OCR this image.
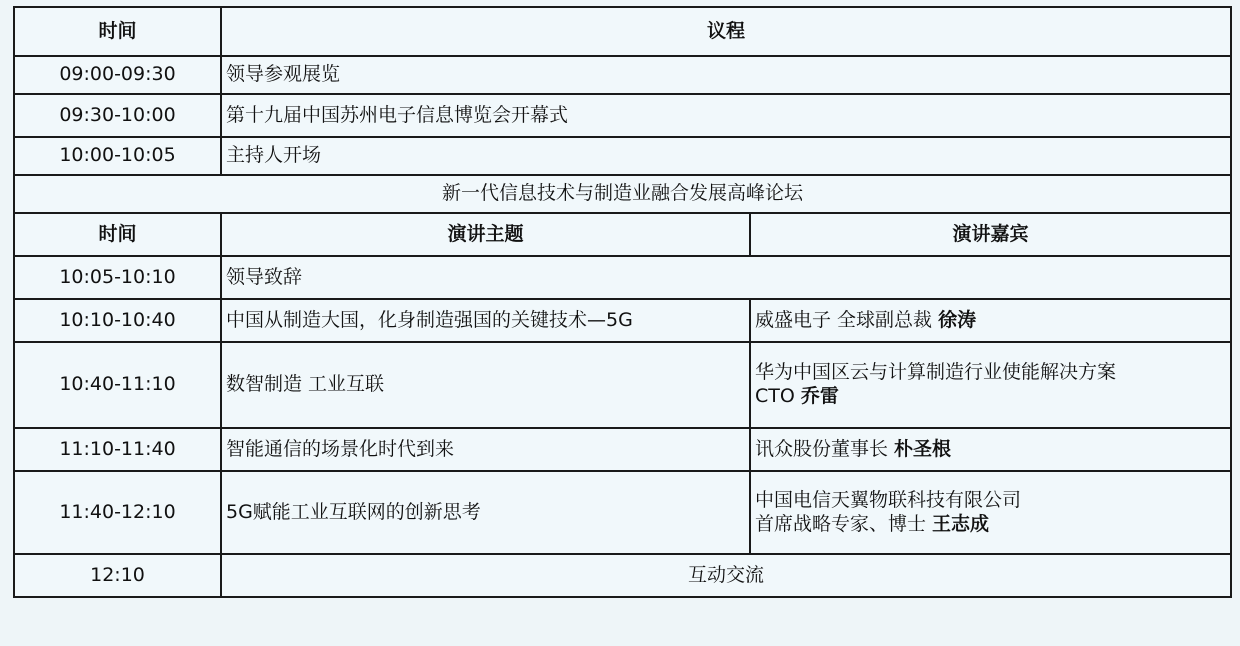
时间	议程	
09:00-09:30	领导参观展览	
09:30-10:00	第十九届中国苏州电子信息博览会开幕式	
10:00-10:05	主持人开场	
新一代信息技术与制造业融合发展高峰论坛		
时间	演讲主题	演讲嘉宾
10:05-10:10	领导致辞	
10:10-10:40	中国从制造大国，化身制造强国的关键技术—5G	威盛电子 全球副总裁 徐涛
10:40-11:10	数智制造 工业互联	华为中国区云与计算制造行业使能解决方案
CTO 乔雷

11:10-11:40	智能通信的场景化时代到来	讯众股份董事长 朴圣根
11:40-12:10	5G赋能工业互联网的创新思考	中国电信天翼物联科技有限公司
首席战略专家、博士 王志成

12:10	互动交流	
